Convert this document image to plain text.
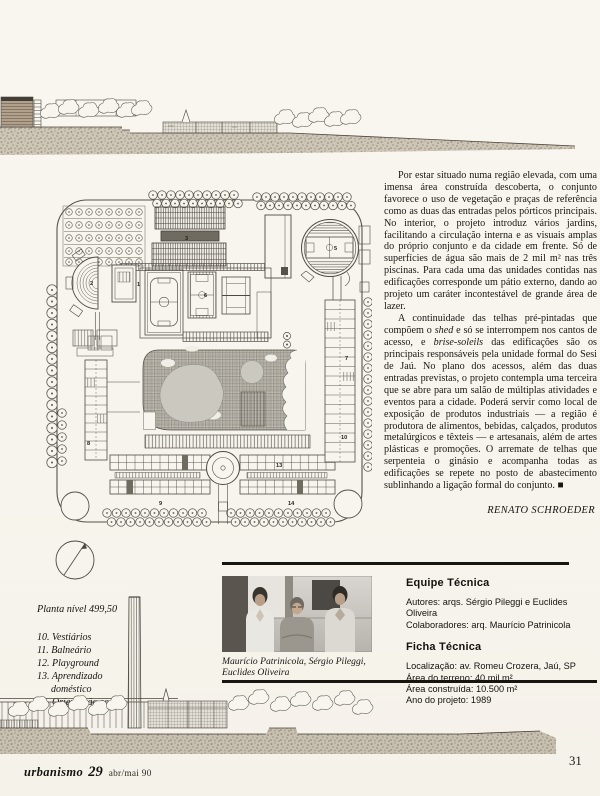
1
2
3
5
6
7
8
9
10
13
14

Por estar situado numa região elevada, com uma imensa área construída descoberta, o conjunto favorece o uso de vegetação e praças de referência como as duas das entradas pelos pórticos principais. No interior, o projeto introduz vários jardins, facilitando a circulação interna e as visuais amplas do próprio conjunto e da cidade em frente. Só de superfícies de água são mais de 2 mil m² nas três piscinas. Para cada uma das unidades contidas nas edificações corresponde um pátio externo, dando ao projeto um caráter incontestável de grande área de lazer.

A continuidade das telhas pré-pintadas que compõem o shed e só se interrompem nos cantos de acesso, e brise-soleils das edificações são os principais responsáveis pela unidade formal do Sesi de Jaú. No plano dos acessos, além das duas entradas previstas, o projeto contempla uma terceira que se abre para um salão de múltiplas atividades e eventos para a cidade. Poderá servir como local de exposição de produtos industriais — a região é produtora de alimentos, bebidas, calçados, produtos metalúrgicos e têxteis — e artesanais, além de artes plásticas e promoções. O arremate de telhas que serpenteia o ginásio e acompanha todas as edificações se repete no posto de abastecimento sublinhando a ligação formal do conjunto. ■

RENATO SCHROEDER
Planta nível 499,50
10. Vestiários
11. Balneário
12. Playground
13. Aprendizado doméstico
Maurício Patrinicola, Sérgio Pileggi, Euclides Oliveira
Equipe Técnica
Autores: arqs. Sérgio Pileggi e Euclides Oliveira
Colaboradores: arq. Maurício Patrinicola
Ficha Técnica
Localização: av. Romeu Crozera, Jaú, SP
Área do terreno: 40 mil m²
Área construída: 10.500 m²
Ano do projeto: 1989
urbanismo 29 abr/mai 90
31
